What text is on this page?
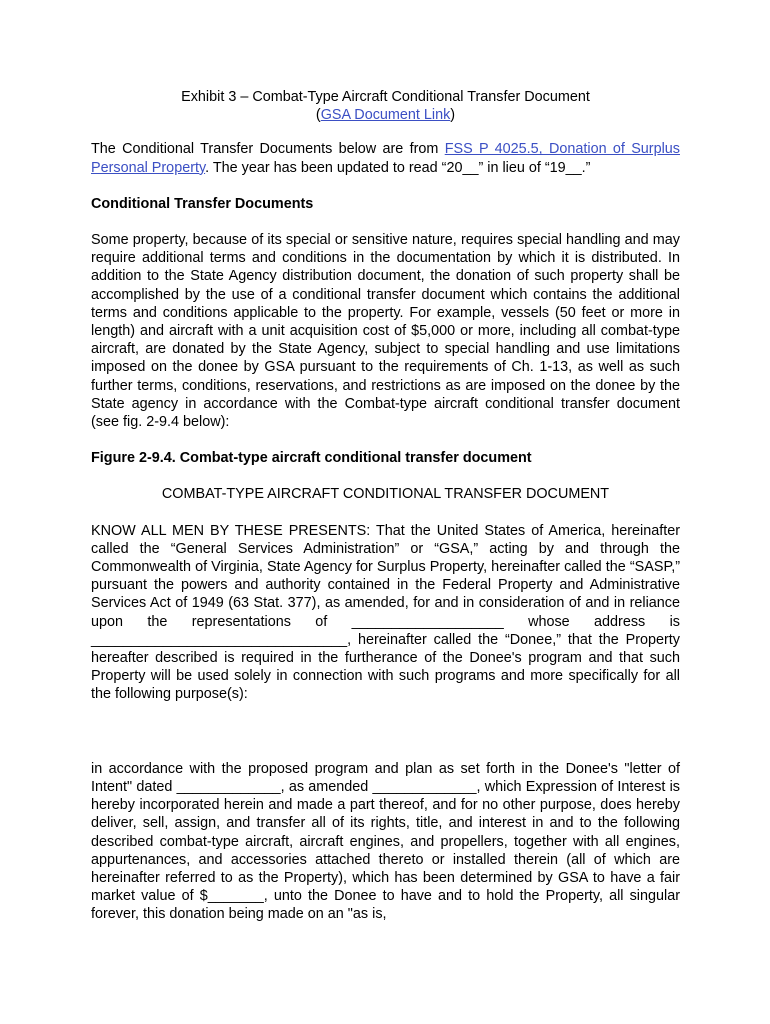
Exhibit 3 – Combat-Type Aircraft Conditional Transfer Document

(GSA Document Link)

The Conditional Transfer Documents below are from FSS P 4025.5, Donation of Surplus Personal Property. The year has been updated to read “20__” in lieu of “19__.”

Conditional Transfer Documents

Some property, because of its special or sensitive nature, requires special handling and may require additional terms and conditions in the documentation by which it is distributed. In addition to the State Agency distribution document, the donation of such property shall be accomplished by the use of a conditional transfer document which contains the additional terms and conditions applicable to the property. For example, vessels (50 feet or more in length) and aircraft with a unit acquisition cost of $5,000 or more, including all combat-type aircraft, are donated by the State Agency, subject to special handling and use limitations imposed on the donee by GSA pursuant to the requirements of Ch. 1-13, as well as such further terms, conditions, reservations, and restrictions as are imposed on the donee by the State agency in accordance with the Combat-type aircraft conditional transfer document (see fig. 2-9.4 below):

Figure 2-9.4. Combat-type aircraft conditional transfer document

COMBAT-TYPE AIRCRAFT CONDITIONAL TRANSFER DOCUMENT

KNOW ALL MEN BY THESE PRESENTS: That the United States of America, hereinafter called the “General Services Administration” or “GSA,” acting by and through the Commonwealth of Virginia, State Agency for Surplus Property, hereinafter called the “SASP,” pursuant the powers and authority contained in the Federal Property and Administrative Services Act of 1949 (63 Stat. 377), as amended, for and in consideration of and in reliance upon the representations of ___________________ whose address is ________________________________, hereinafter called the “Donee,” that the Property hereafter described is required in the furtherance of the Donee's program and that such Property will be used solely in connection with such programs and more specifically for all the following purpose(s):

in accordance with the proposed program and plan as set forth in the Donee's "letter of Intent" dated _____________, as amended _____________, which Expression of Interest is hereby incorporated herein and made a part thereof, and for no other purpose, does hereby deliver, sell, assign, and transfer all of its rights, title, and interest in and to the following described combat-type aircraft, aircraft engines, and propellers, together with all engines, appurtenances, and accessories attached thereto or installed therein (all of which are hereinafter referred to as the Property), which has been determined by GSA to have a fair market value of $_______, unto the Donee to have and to hold the Property, all singular forever, this donation being made on an "as is,
